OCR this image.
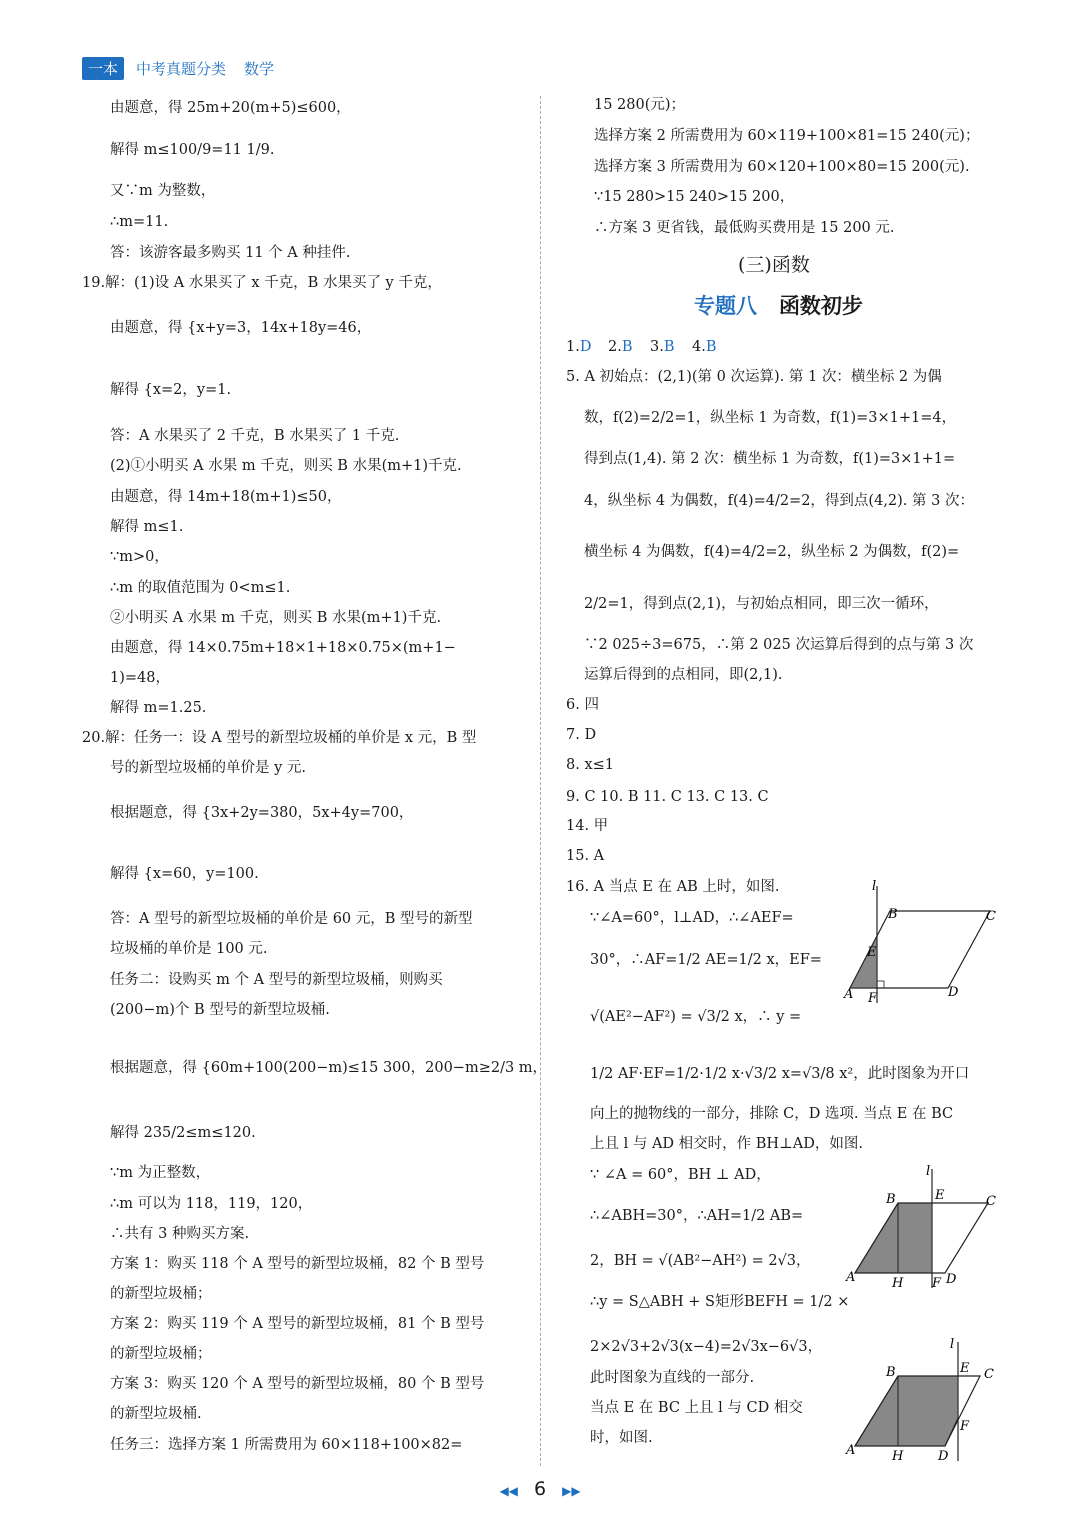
一本	中考真题分类 数学
由题意，得 25m+20(m+5)≤600，
解得 m≤100/9=11 1/9.
又∵m 为整数，
∴m=11.
答：该游客最多购买 11 个 A 种挂件.
19.解：(1)设 A 水果买了 x 千克，B 水果买了 y 千克，
由题意，得 {x+y=3，14x+18y=46，
解得 {x=2，y=1.
答：A 水果买了 2 千克，B 水果买了 1 千克.
(2)①小明买 A 水果 m 千克，则买 B 水果(m+1)千克.
由题意，得 14m+18(m+1)≤50，
解得 m≤1.
∵m>0，
∴m 的取值范围为 0<m≤1.
②小明买 A 水果 m 千克，则买 B 水果(m+1)千克.
由题意，得 14×0.75m+18×1+18×0.75×(m+1−
1)=48，
解得 m=1.25.
20.解：任务一：设 A 型号的新型垃圾桶的单价是 x 元，B 型
号的新型垃圾桶的单价是 y 元.
根据题意，得 {3x+2y=380，5x+4y=700，
解得 {x=60，y=100.
答：A 型号的新型垃圾桶的单价是 60 元，B 型号的新型
垃圾桶的单价是 100 元.
任务二：设购买 m 个 A 型号的新型垃圾桶，则购买
(200−m)个 B 型号的新型垃圾桶.
根据题意，得 {60m+100(200−m)≤15 300，200−m≥2/3 m，
解得 235/2≤m≤120.
∵m 为正整数，
∴m 可以为 118，119，120，
∴共有 3 种购买方案.
方案 1：购买 118 个 A 型号的新型垃圾桶，82 个 B 型号
的新型垃圾桶；
方案 2：购买 119 个 A 型号的新型垃圾桶，81 个 B 型号
的新型垃圾桶；
方案 3：购买 120 个 A 型号的新型垃圾桶，80 个 B 型号
的新型垃圾桶.
任务三：选择方案 1 所需费用为 60×118+100×82=
15 280(元)；
选择方案 2 所需费用为 60×119+100×81=15 240(元)；
选择方案 3 所需费用为 60×120+100×80=15 200(元).
∵15 280>15 240>15 200，
∴方案 3 更省钱，最低购买费用是 15 200 元.
(三)函数
专题八 函数初步
1.D 2.B 3.B 4.B
5. A 初始点：(2,1)(第 0 次运算). 第 1 次：横坐标 2 为偶
数，f(2)=2/2=1，纵坐标 1 为奇数，f(1)=3×1+1=4，
得到点(1,4). 第 2 次：横坐标 1 为奇数，f(1)=3×1+1=
4，纵坐标 4 为偶数，f(4)=4/2=2，得到点(4,2). 第 3 次：
横坐标 4 为偶数，f(4)=4/2=2，纵坐标 2 为偶数，f(2)=
2/2=1，得到点(2,1)，与初始点相同，即三次一循环，
∵2 025÷3=675，∴第 2 025 次运算后得到的点与第 3 次
运算后得到的点相同，即(2,1).
6. 四
7. D
8. x≤1
9. C 10. B 11. C 13. C 13. C
14. 甲
15. A
16. A 当点 E 在 AB 上时，如图.
∵∠A=60°，l⊥AD，∴∠AEF=
30°，∴AF=1/2 AE=1/2 x，EF=
√(AE²−AF²) = √3/2 x，∴ y =
1/2 AF·EF=1/2·1/2 x·√3/2 x=√3/8 x²，此时图象为开口
向上的抛物线的一部分，排除 C，D 选项. 当点 E 在 BC
上且 l 与 AD 相交时，作 BH⊥AD，如图.
∵ ∠A = 60°，BH ⊥ AD，
∴∠ABH=30°，∴AH=1/2 AB=
2，BH = √(AB²−AH²) = 2√3，
∴y = S△ABH + S矩形BEFH = 1/2 ×
2×2√3+2√3(x−4)=2√3x−6√3，
此时图象为直线的一部分.
当点 E 在 BC 上且 l 与 CD 相交
时，如图.
l
B	C
E
A F	D
l
B	E	C
A	H F D
l
B	E C
F
A	H	D
◀◀ 6 ▶▶
